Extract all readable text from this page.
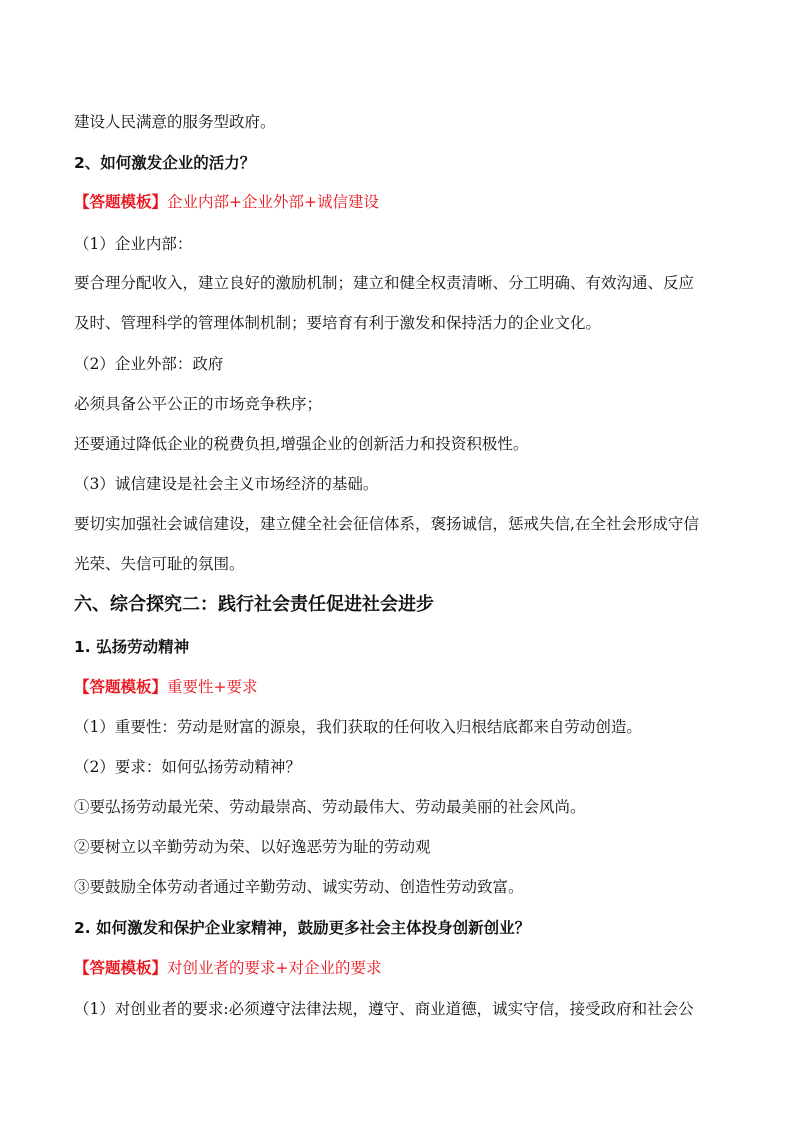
建设人民满意的服务型政府。
2、如何激发企业的活力？
【答题模板】企业内部+企业外部+诚信建设
（1）企业内部：
要合理分配收入，建立良好的激励机制；建立和健全权责清晰、分工明确、有效沟通、反应
及时、管理科学的管理体制机制；要培育有利于激发和保持活力的企业文化。
（2）企业外部：政府
必须具备公平公正的市场竞争秩序；
还要通过降低企业的税费负担,增强企业的创新活力和投资积极性。
（3）诚信建设是社会主义市场经济的基础。
要切实加强社会诚信建设，建立健全社会征信体系，褒扬诚信，惩戒失信,在全社会形成守信
光荣、失信可耻的氛围。
六、综合探究二：践行社会责任促进社会进步
1. 弘扬劳动精神
【答题模板】重要性+要求
（1）重要性：劳动是财富的源泉，我们获取的任何收入归根结底都来自劳动创造。
（2）要求：如何弘扬劳动精神？
①要弘扬劳动最光荣、劳动最崇高、劳动最伟大、劳动最美丽的社会风尚。
②要树立以辛勤劳动为荣、以好逸恶劳为耻的劳动观
③要鼓励全体劳动者通过辛勤劳动、诚实劳动、创造性劳动致富。
2. 如何激发和保护企业家精神，鼓励更多社会主体投身创新创业？
【答题模板】对创业者的要求+对企业的要求
（1）对创业者的要求:必须遵守法律法规，遵守、商业道德，诚实守信，接受政府和社会公
